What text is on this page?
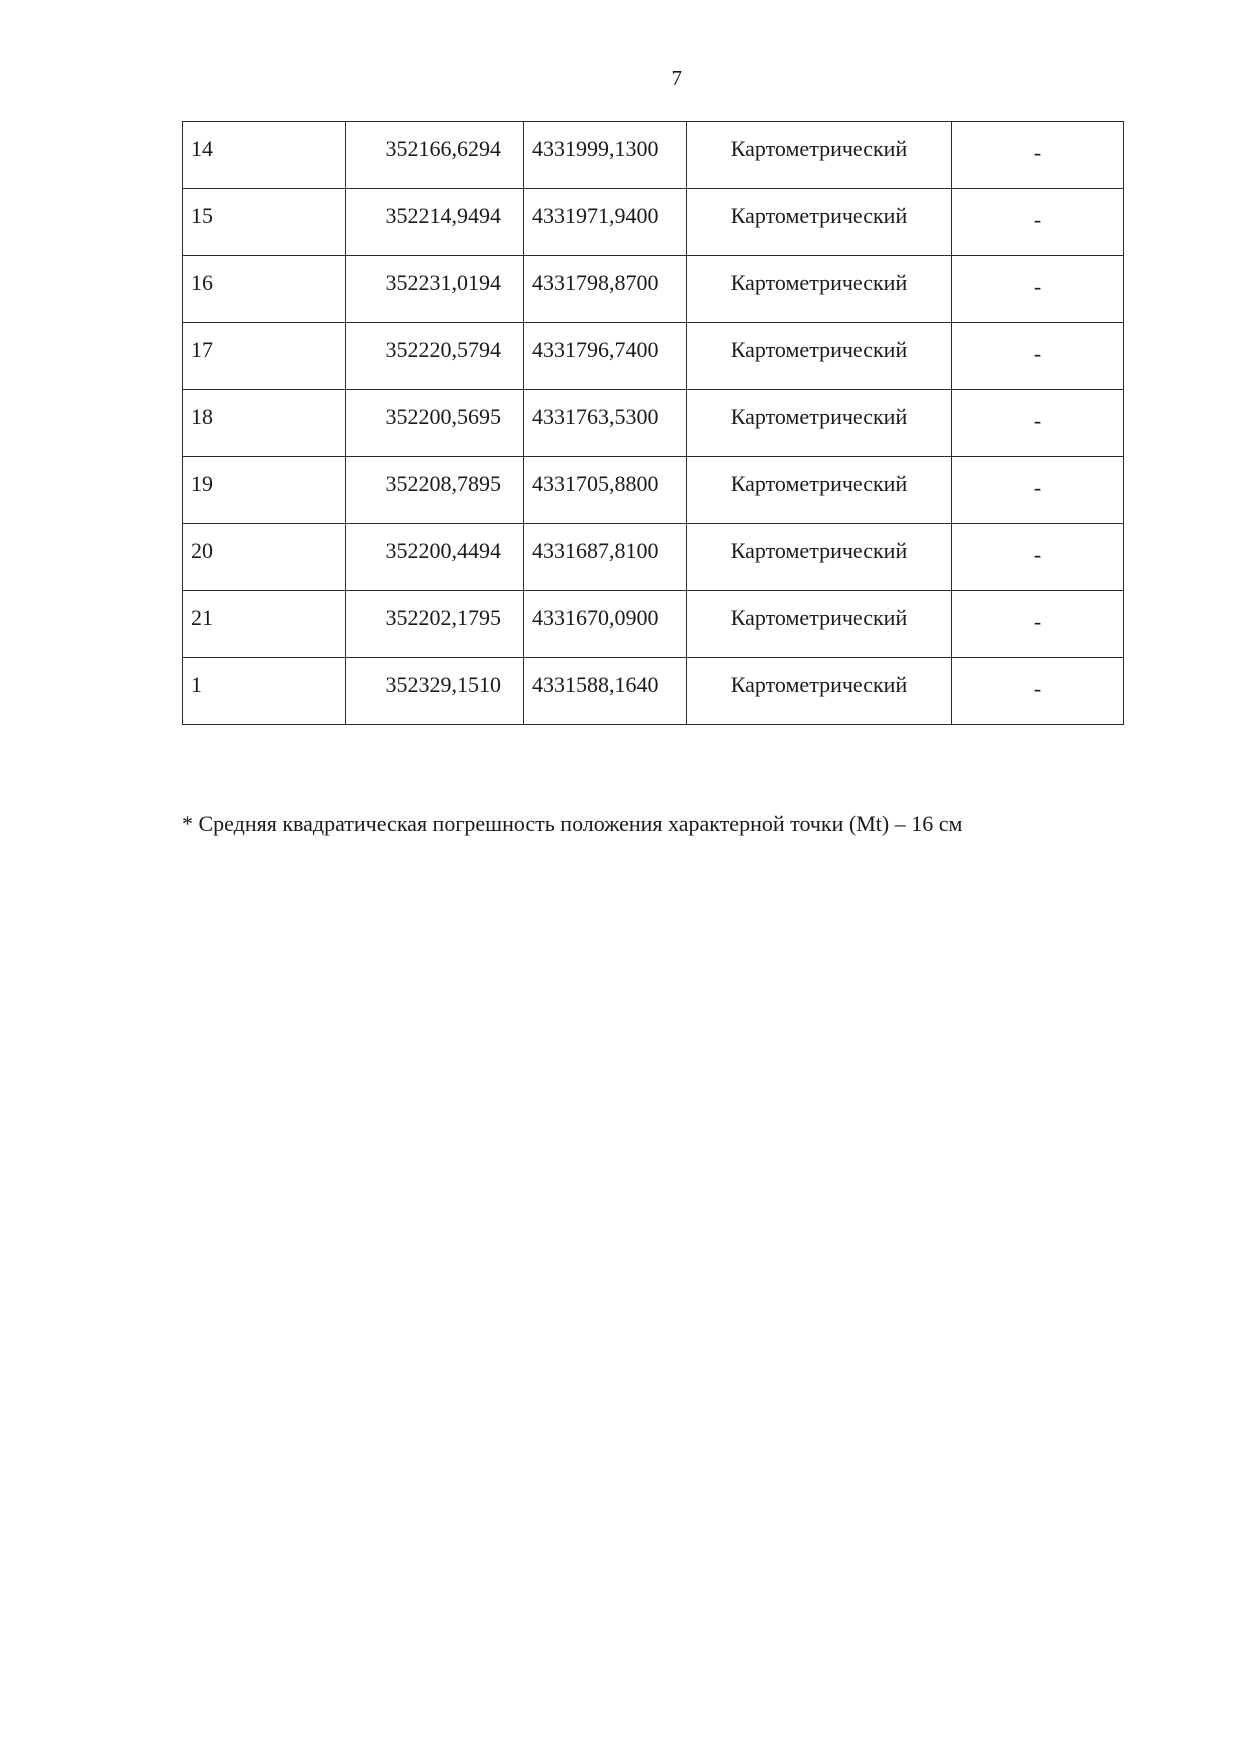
7
14	352166,6294	4331999,1300	Картометрический	-
15	352214,9494	4331971,9400	Картометрический	-
16	352231,0194	4331798,8700	Картометрический	-
17	352220,5794	4331796,7400	Картометрический	-
18	352200,5695	4331763,5300	Картометрический	-
19	352208,7895	4331705,8800	Картометрический	-
20	352200,4494	4331687,8100	Картометрический	-
21	352202,1795	4331670,0900	Картометрический	-
1	352329,1510	4331588,1640	Картометрический	-
* Средняя квадратическая погрешность положения характерной точки (Mt) – 16 см
